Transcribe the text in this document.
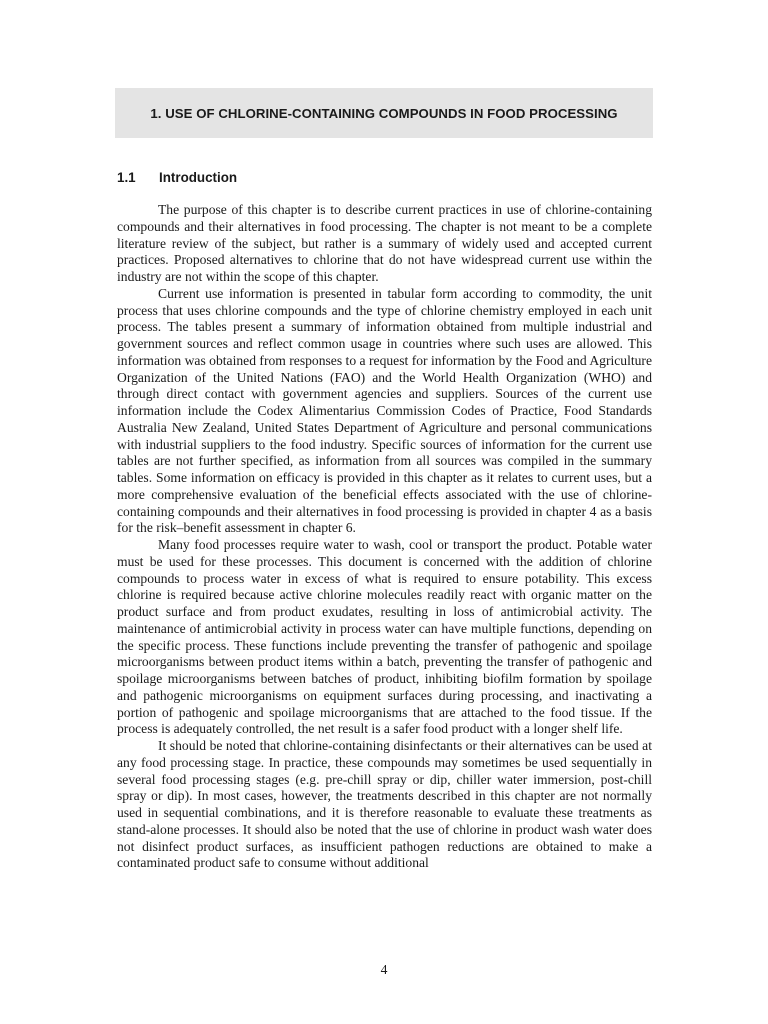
1. USE OF CHLORINE-CONTAINING COMPOUNDS IN FOOD PROCESSING
1.1	Introduction

The purpose of this chapter is to describe current practices in use of chlorine-containing compounds and their alternatives in food processing. The chapter is not meant to be a complete literature review of the subject, but rather is a summary of widely used and accepted current practices. Proposed alternatives to chlorine that do not have widespread current use within the industry are not within the scope of this chapter.

Current use information is presented in tabular form according to commodity, the unit process that uses chlorine compounds and the type of chlorine chemistry employed in each unit process. The tables present a summary of information obtained from multiple industrial and government sources and reflect common usage in countries where such uses are allowed. This information was obtained from responses to a request for information by the Food and Agriculture Organization of the United Nations (FAO) and the World Health Organization (WHO) and through direct contact with government agencies and suppliers. Sources of the current use information include the Codex Alimentarius Commission Codes of Practice, Food Standards Australia New Zealand, United States Department of Agriculture and personal communications with industrial suppliers to the food industry. Specific sources of information for the current use tables are not further specified, as information from all sources was compiled in the summary tables. Some information on efficacy is provided in this chapter as it relates to current uses, but a more comprehensive evaluation of the beneficial effects associated with the use of chlorine-containing compounds and their alternatives in food processing is provided in chapter 4 as a basis for the risk–benefit assessment in chapter 6.

Many food processes require water to wash, cool or transport the product. Potable water must be used for these processes. This document is concerned with the addition of chlorine compounds to process water in excess of what is required to ensure potability. This excess chlorine is required because active chlorine molecules readily react with organic matter on the product surface and from product exudates, resulting in loss of antimicrobial activity. The maintenance of antimicrobial activity in process water can have multiple functions, depending on the specific process. These functions include preventing the transfer of pathogenic and spoilage microorganisms between product items within a batch, preventing the transfer of pathogenic and spoilage microorganisms between batches of product, inhibiting biofilm formation by spoilage and pathogenic microorganisms on equipment surfaces during processing, and inactivating a portion of pathogenic and spoilage microorganisms that are attached to the food tissue. If the process is adequately controlled, the net result is a safer food product with a longer shelf life.

It should be noted that chlorine-containing disinfectants or their alternatives can be used at any food processing stage. In practice, these compounds may sometimes be used sequentially in several food processing stages (e.g. pre-chill spray or dip, chiller water immersion, post-chill spray or dip). In most cases, however, the treatments described in this chapter are not normally used in sequential combinations, and it is therefore reasonable to evaluate these treatments as stand-alone processes. It should also be noted that the use of chlorine in product wash water does not disinfect product surfaces, as insufficient pathogen reductions are obtained to make a contaminated product safe to consume without additional

4
